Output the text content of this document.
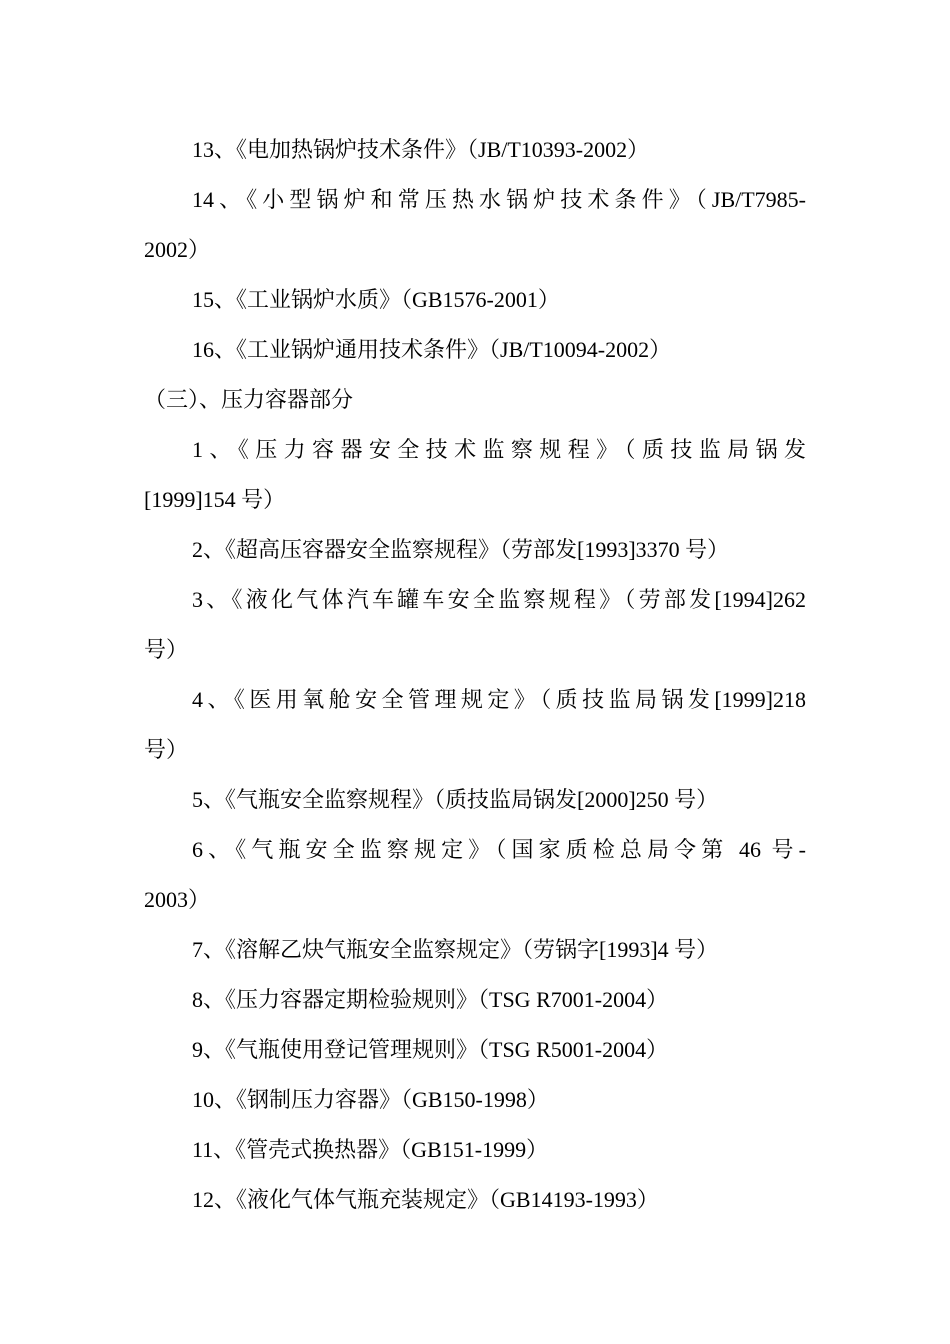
13、《电加热锅炉技术条件》（JB/T10393-2002）
14、《小型锅炉和常压热水锅炉技术条件》（JB/T7985-
2002）
15、《工业锅炉水质》（GB1576-2001）
16、《工业锅炉通用技术条件》（JB/T10094-2002）
（三）、压力容器部分
1、《压力容器安全技术监察规程》（质技监局锅发
[1999]154 号）
2、《超高压容器安全监察规程》（劳部发[1993]3370 号）
3、《液化气体汽车罐车安全监察规程》（劳部发[1994]262
号）
4、《医用氧舱安全管理规定》（质技监局锅发[1999]218
号）
5、《气瓶安全监察规程》（质技监局锅发[2000]250 号）
6、《气瓶安全监察规定》（国家质检总局令第 46 号-
2003）
7、《溶解乙炔气瓶安全监察规定》（劳锅字[1993]4 号）
8、《压力容器定期检验规则》（TSG R7001-2004）
9、《气瓶使用登记管理规则》（TSG R5001-2004）
10、《钢制压力容器》（GB150-1998）
11、《管壳式换热器》（GB151-1999）
12、《液化气体气瓶充装规定》（GB14193-1993）
